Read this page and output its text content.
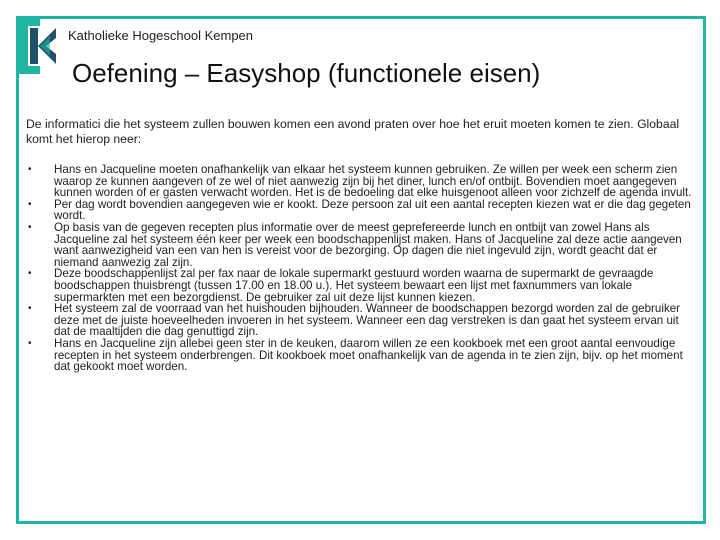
Katholieke Hogeschool Kempen
Oefening – Easyshop (functionele eisen)

De informatici die het systeem zullen bouwen komen een avond praten over hoe het eruit moeten komen te zien. Globaal komt het hierop neer:

• Hans en Jacqueline moeten onafhankelijk van elkaar het systeem kunnen gebruiken. Ze willen per week een scherm zien waarop ze kunnen aangeven of ze wel of niet aanwezig zijn bij het diner, lunch en/of ontbijt. Bovendien moet aangegeven kunnen worden of er gasten verwacht worden. Het is de bedoeling dat elke huisgenoot alleen voor zichzelf de agenda invult.
• Per dag wordt bovendien aangegeven wie er kookt. Deze persoon zal uit een aantal recepten kiezen wat er die dag gegeten wordt.
• Op basis van de gegeven recepten plus informatie over de meest geprefereerde lunch en ontbijt van zowel Hans als Jacqueline zal het systeem één keer per week een boodschappenlijst maken. Hans of Jacqueline zal deze actie aangeven want aanwezigheid van een van hen is vereist voor de bezorging. Op dagen die niet ingevuld zijn, wordt geacht dat er niemand aanwezig zal zijn.
• Deze boodschappenlijst zal per fax naar de lokale supermarkt gestuurd worden waarna de supermarkt de gevraagde boodschappen thuisbrengt (tussen 17.00 en 18.00 u.). Het systeem bewaart een lijst met faxnummers van lokale supermarkten met een bezorgdienst. De gebruiker zal uit deze lijst kunnen kiezen.
• Het systeem zal de voorraad van het huishouden bijhouden. Wanneer de boodschappen bezorgd worden zal de gebruiker deze met de juiste hoeveelheden invoeren in het systeem. Wanneer een dag verstreken is dan gaat het systeem ervan uit dat de maaltijden die dag genuttigd zijn.
• Hans en Jacqueline zijn allebei geen ster in de keuken, daarom willen ze een kookboek met een groot aantal eenvoudige recepten in het systeem onderbrengen. Dit kookboek moet onafhankelijk van de agenda in te zien zijn, bijv. op het moment dat gekookt moet worden.
